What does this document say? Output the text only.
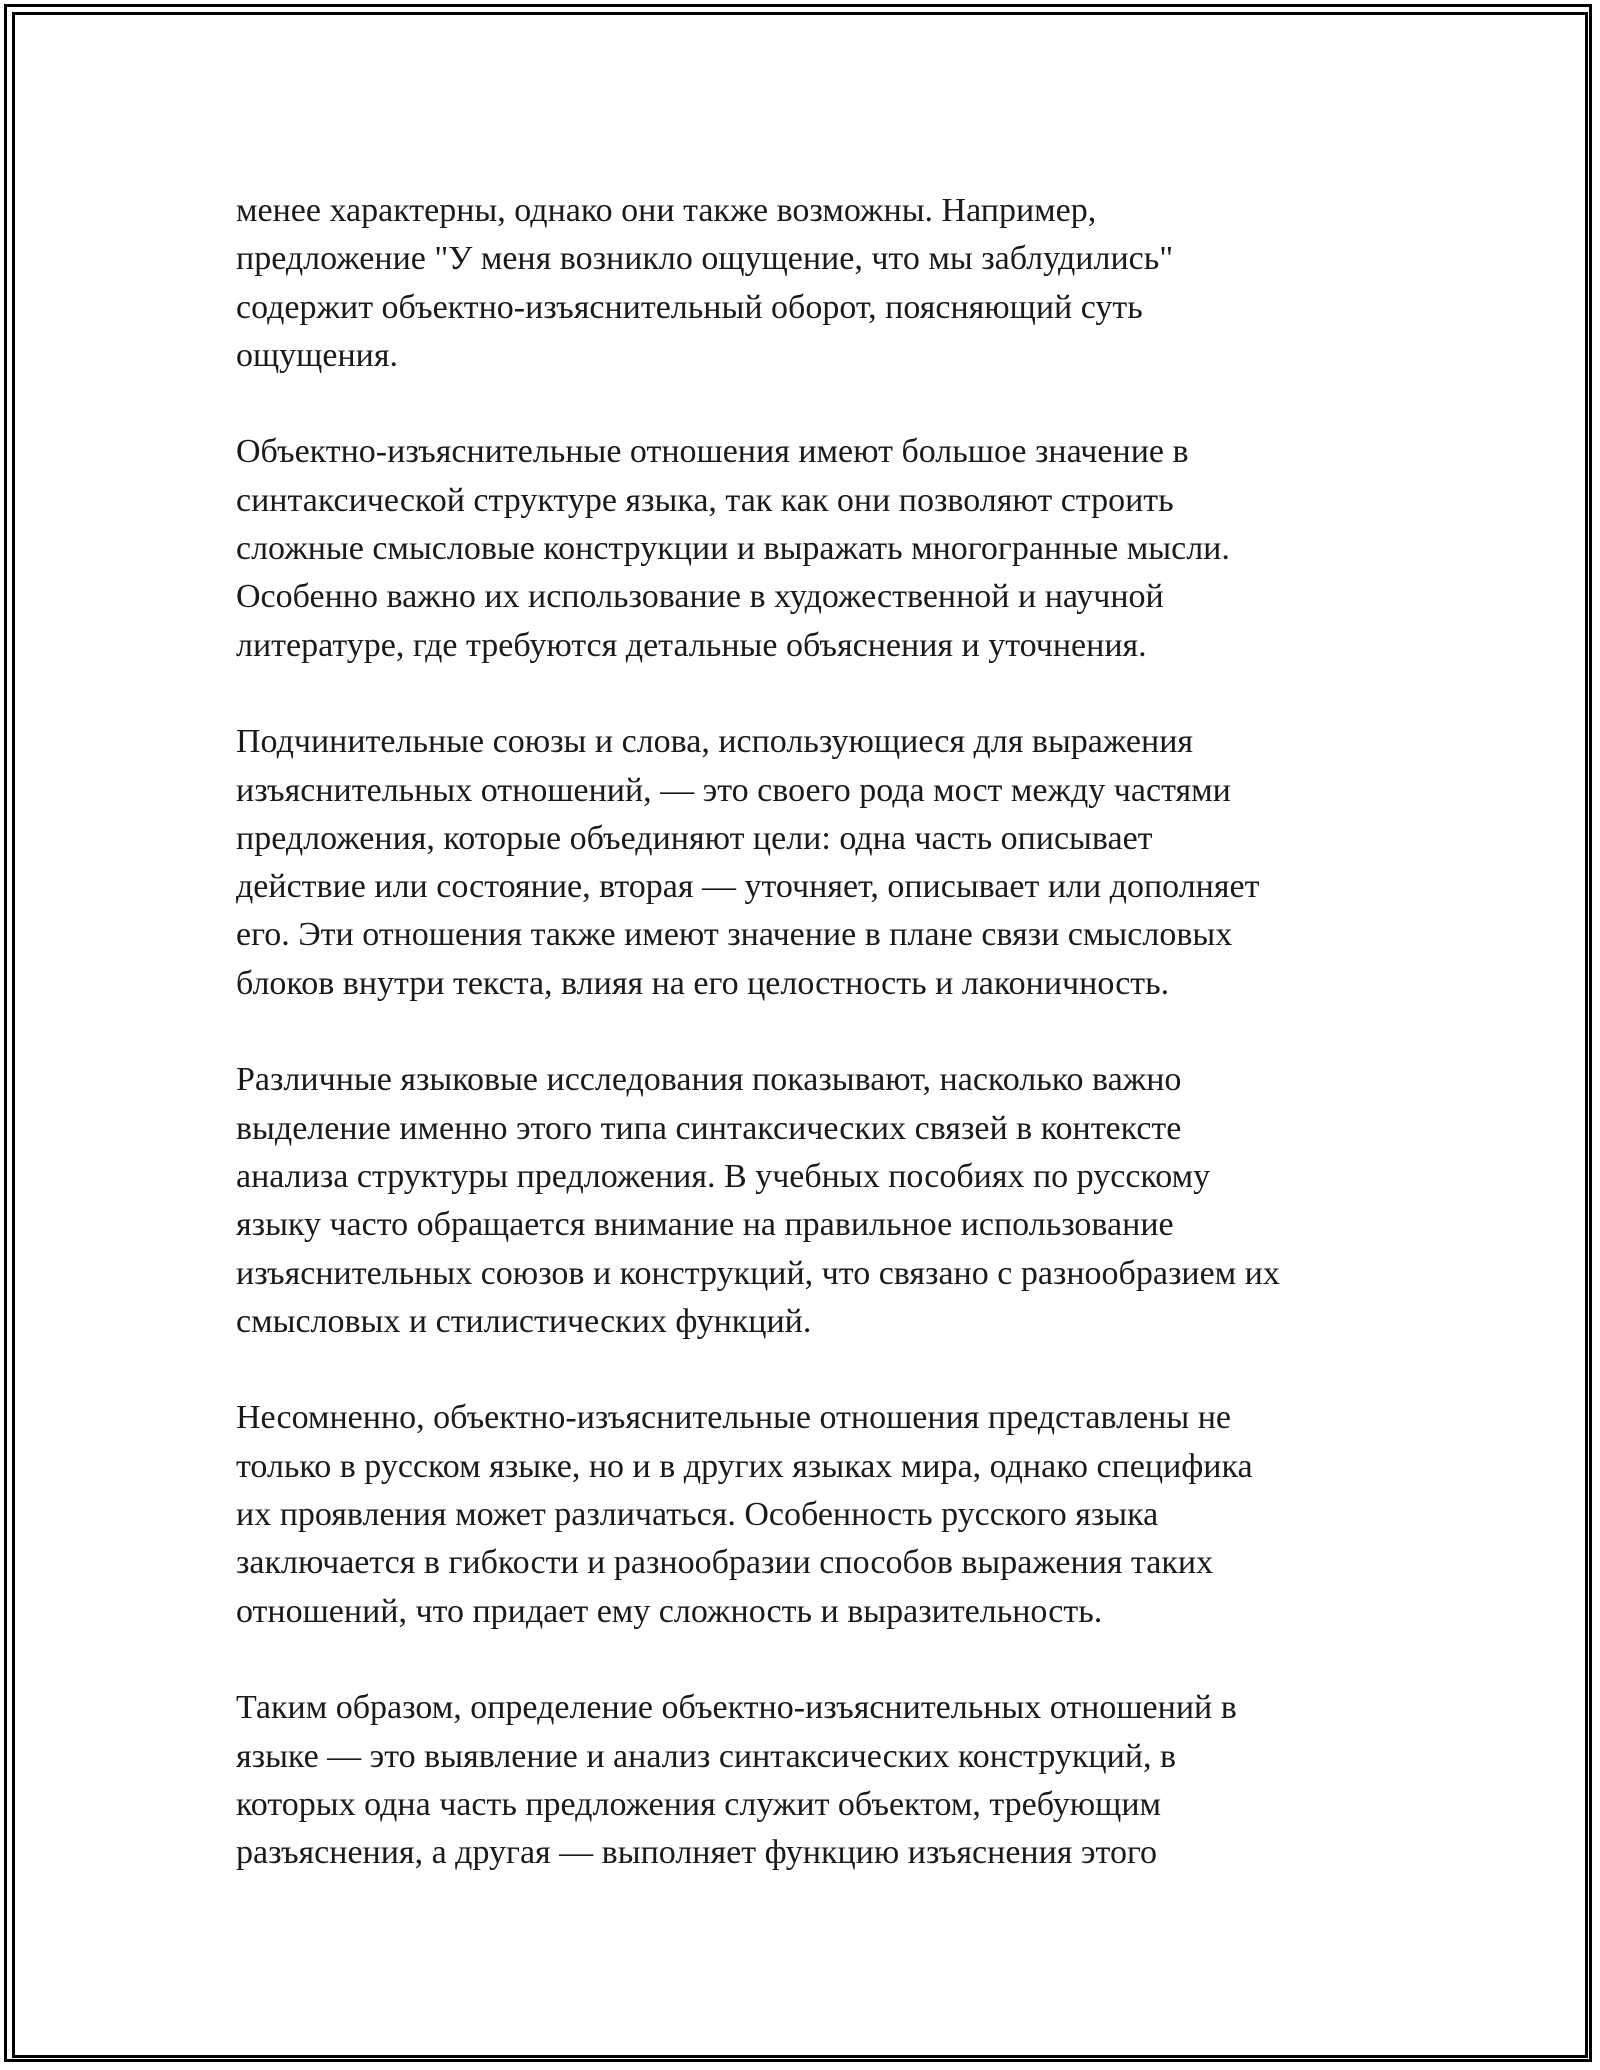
менее характерны, однако они также возможны. Например,
предложение "У меня возникло ощущение, что мы заблудились"
содержит объектно-изъяснительный оборот, поясняющий суть
ощущения.

Объектно-изъяснительные отношения имеют большое значение в
синтаксической структуре языка, так как они позволяют строить
сложные смысловые конструкции и выражать многогранные мысли.
Особенно важно их использование в художественной и научной
литературе, где требуются детальные объяснения и уточнения.

Подчинительные союзы и слова, использующиеся для выражения
изъяснительных отношений, — это своего рода мост между частями
предложения, которые объединяют цели: одна часть описывает
действие или состояние, вторая — уточняет, описывает или дополняет
его. Эти отношения также имеют значение в плане связи смысловых
блоков внутри текста, влияя на его целостность и лаконичность.

Различные языковые исследования показывают, насколько важно
выделение именно этого типа синтаксических связей в контексте
анализа структуры предложения. В учебных пособиях по русскому
языку часто обращается внимание на правильное использование
изъяснительных союзов и конструкций, что связано с разнообразием их
смысловых и стилистических функций.

Несомненно, объектно-изъяснительные отношения представлены не
только в русском языке, но и в других языках мира, однако специфика
их проявления может различаться. Особенность русского языка
заключается в гибкости и разнообразии способов выражения таких
отношений, что придает ему сложность и выразительность.

Таким образом, определение объектно-изъяснительных отношений в
языке — это выявление и анализ синтаксических конструкций, в
которых одна часть предложения служит объектом, требующим
разъяснения, а другая — выполняет функцию изъяснения этого
